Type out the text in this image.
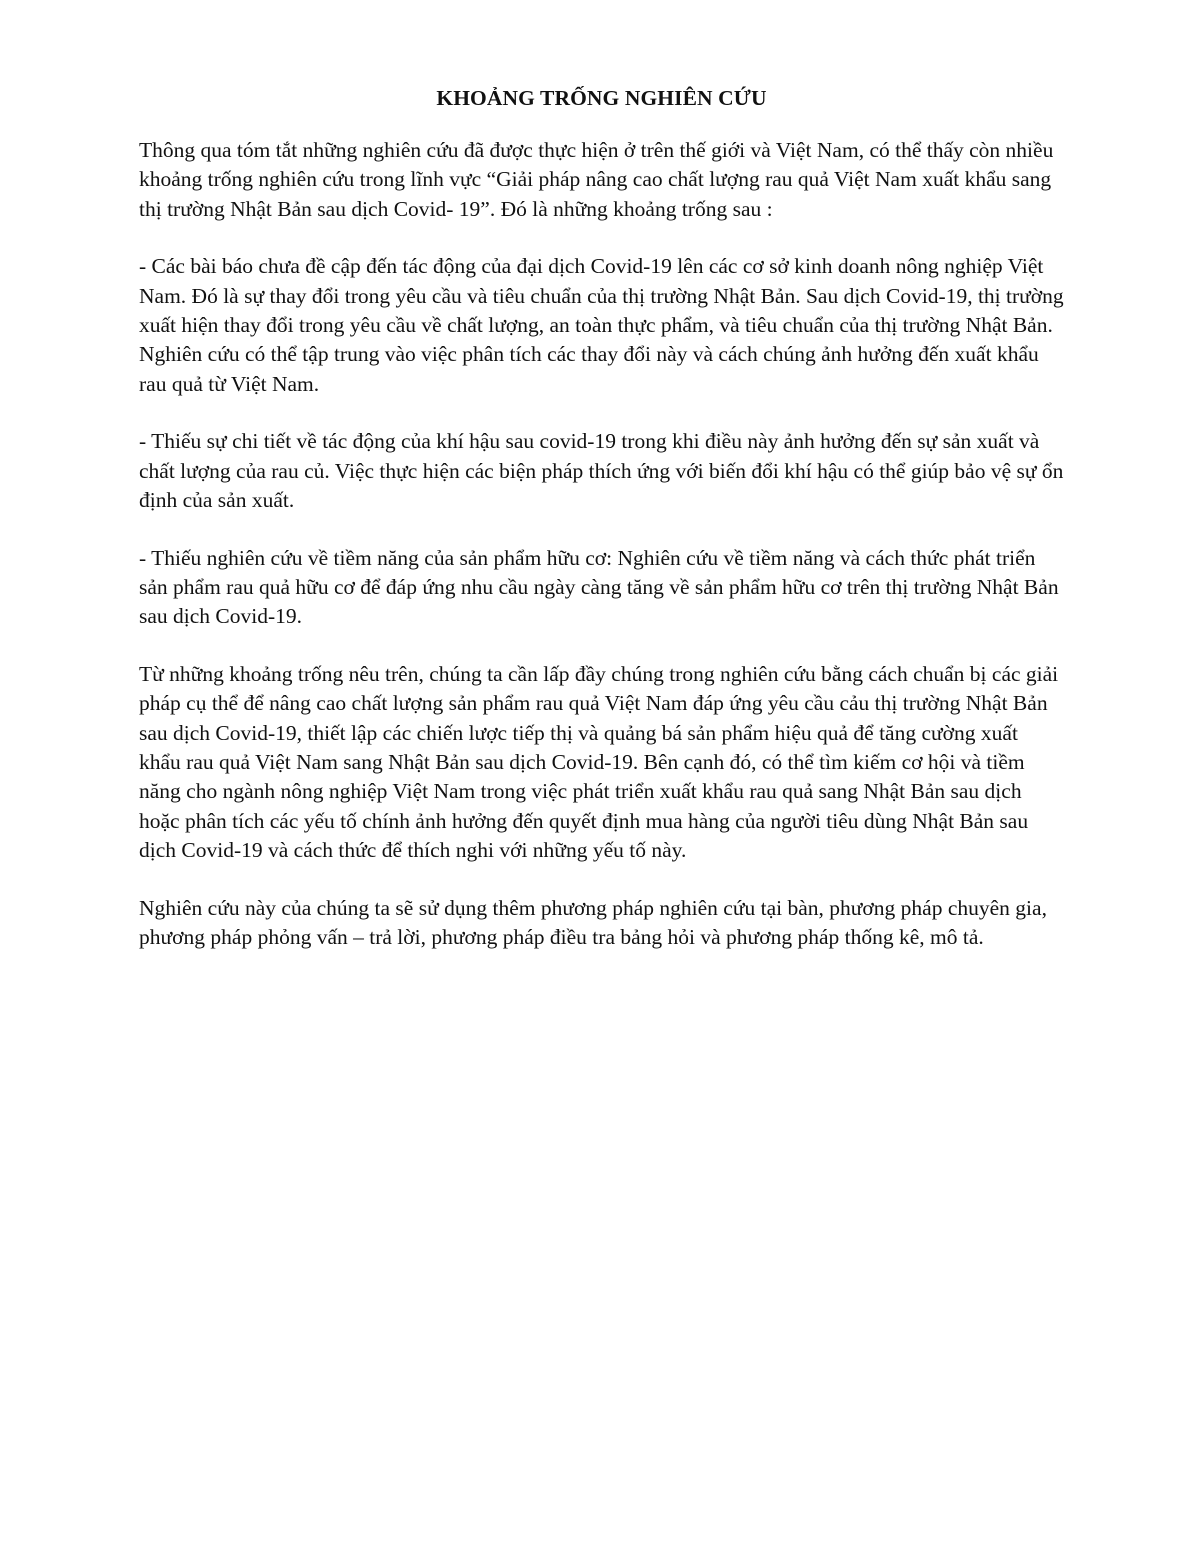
KHOẢNG TRỐNG NGHIÊN CỨU

Thông qua tóm tắt những nghiên cứu đã được thực hiện ở trên thế giới và Việt Nam, có thể thấy còn nhiều khoảng trống nghiên cứu trong lĩnh vực “Giải pháp nâng cao chất lượng rau quả Việt Nam xuất khẩu sang thị trường Nhật Bản sau dịch Covid- 19”. Đó là những khoảng trống sau :

- Các bài báo chưa đề cập đến tác động của đại dịch Covid-19 lên các cơ sở kinh doanh nông nghiệp Việt Nam. Đó là sự thay đổi trong yêu cầu và tiêu chuẩn của thị trường Nhật Bản. Sau dịch Covid-19, thị trường xuất hiện thay đổi trong yêu cầu về chất lượng, an toàn thực phẩm, và tiêu chuẩn của thị trường Nhật Bản. Nghiên cứu có thể tập trung vào việc phân tích các thay đổi này và cách chúng ảnh hưởng đến xuất khẩu rau quả từ Việt Nam.

- Thiếu sự chi tiết về tác động của khí hậu sau covid-19 trong khi điều này ảnh hưởng đến sự sản xuất và chất lượng của rau củ. Việc thực hiện các biện pháp thích ứng với biến đổi khí hậu có thể giúp bảo vệ sự ổn định của sản xuất.

- Thiếu nghiên cứu về tiềm năng của sản phẩm hữu cơ: Nghiên cứu về tiềm năng và cách thức phát triển sản phẩm rau quả hữu cơ để đáp ứng nhu cầu ngày càng tăng về sản phẩm hữu cơ trên thị trường Nhật Bản sau dịch Covid-19.

Từ những khoảng trống nêu trên, chúng ta cần lấp đầy chúng trong nghiên cứu bằng cách chuẩn bị các giải pháp cụ thể để nâng cao chất lượng sản phẩm rau quả Việt Nam đáp ứng yêu cầu cảu thị trường Nhật Bản sau dịch Covid-19, thiết lập các chiến lược tiếp thị và quảng bá sản phẩm hiệu quả để tăng cường xuất khẩu rau quả Việt Nam sang Nhật Bản sau dịch Covid-19. Bên cạnh đó, có thể tìm kiếm cơ hội và tiềm năng cho ngành nông nghiệp Việt Nam trong việc phát triển xuất khẩu rau quả sang Nhật Bản sau dịch hoặc phân tích các yếu tố chính ảnh hưởng đến quyết định mua hàng của người tiêu dùng Nhật Bản sau dịch Covid-19 và cách thức để thích nghi với những yếu tố này.

Nghiên cứu này của chúng ta sẽ sử dụng thêm phương pháp nghiên cứu tại bàn, phương pháp chuyên gia, phương pháp phỏng vấn – trả lời, phương pháp điều tra bảng hỏi và phương pháp thống kê, mô tả.
